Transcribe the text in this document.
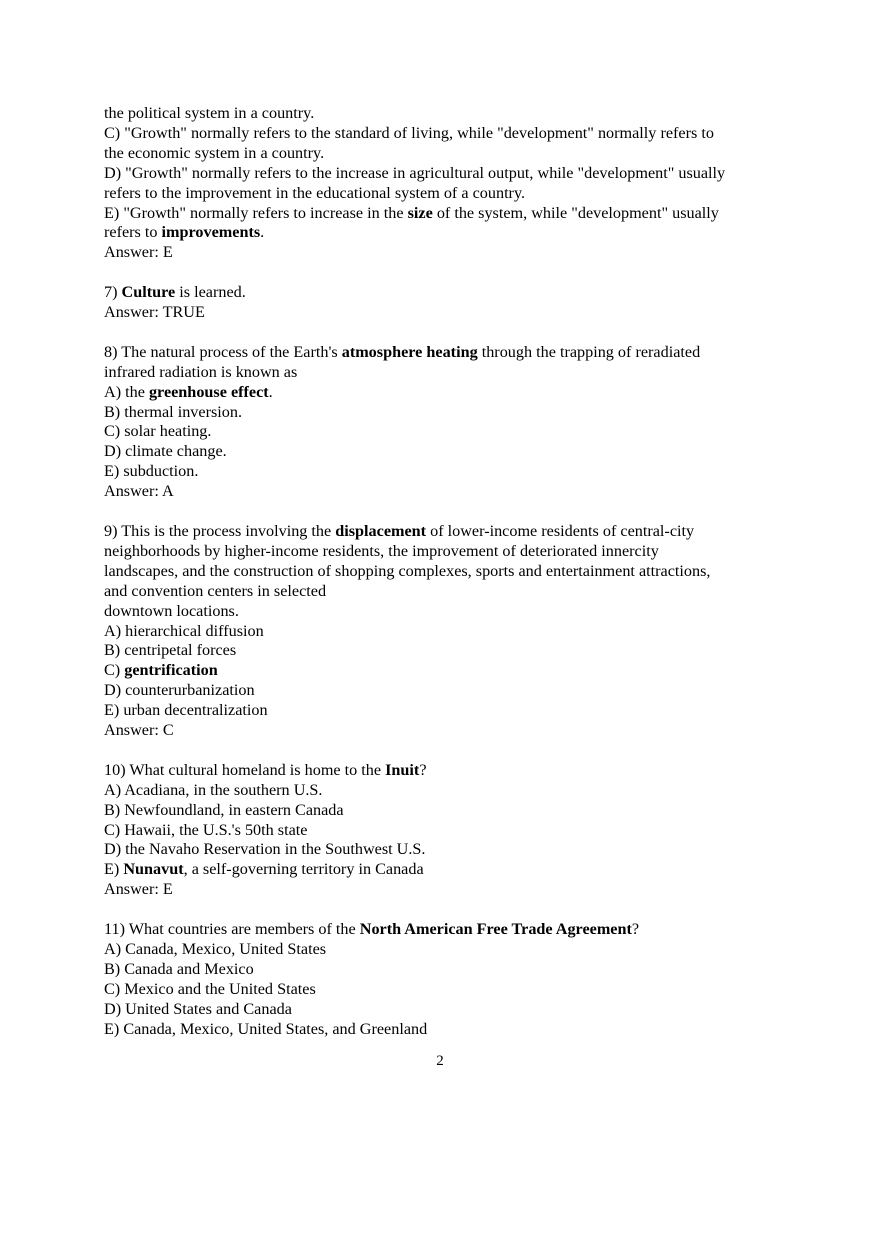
the political system in a country.

C) "Growth" normally refers to the standard of living, while "development" normally refers to

the economic system in a country.

D) "Growth" normally refers to the increase in agricultural output, while "development" usually

refers to the improvement in the educational system of a country.

E) "Growth" normally refers to increase in the size of the system, while "development" usually

refers to improvements.

Answer: E

7) Culture is learned.

Answer: TRUE

8) The natural process of the Earth's atmosphere heating through the trapping of reradiated

infrared radiation is known as

A) the greenhouse effect.

B) thermal inversion.

C) solar heating.

D) climate change.

E) subduction.

Answer: A

9) This is the process involving the displacement of lower-income residents of central-city

neighborhoods by higher-income residents, the improvement of deteriorated innercity

landscapes, and the construction of shopping complexes, sports and entertainment attractions,

and convention centers in selected

downtown locations.

A) hierarchical diffusion

B) centripetal forces

C) gentrification

D) counterurbanization

E) urban decentralization

Answer: C

10) What cultural homeland is home to the Inuit?

A) Acadiana, in the southern U.S.

B) Newfoundland, in eastern Canada

C) Hawaii, the U.S.'s 50th state

D) the Navaho Reservation in the Southwest U.S.

E) Nunavut, a self-governing territory in Canada

Answer: E

11) What countries are members of the North American Free Trade Agreement?

A) Canada, Mexico, United States

B) Canada and Mexico

C) Mexico and the United States

D) United States and Canada

E) Canada, Mexico, United States, and Greenland

2
